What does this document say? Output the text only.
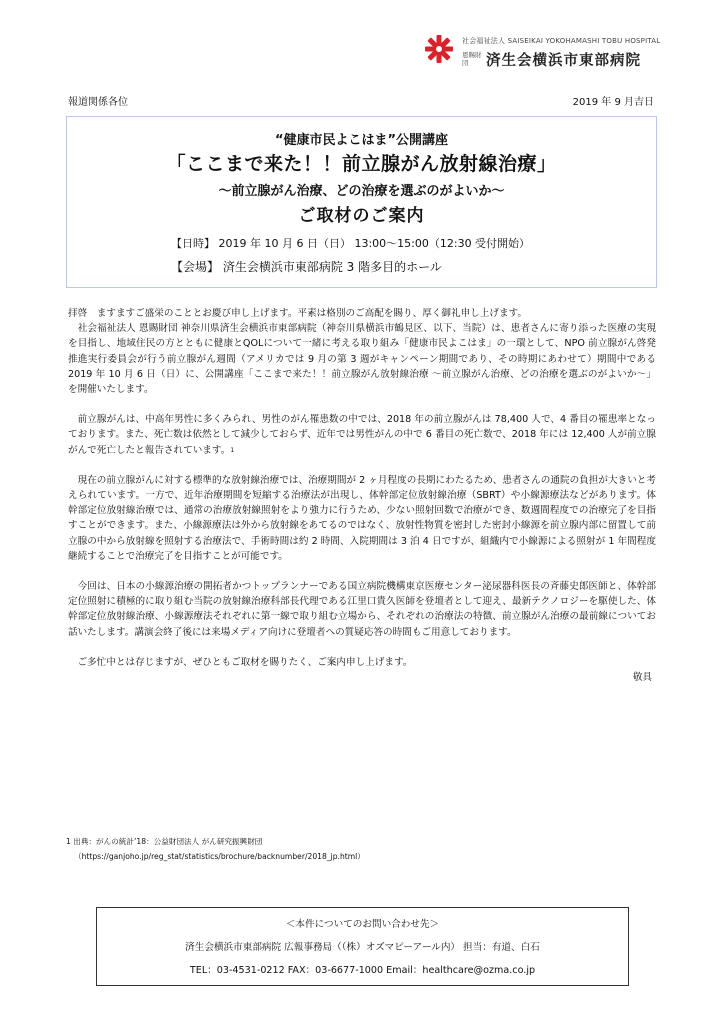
社会福祉法人 SAISEIKAI YOKOHAMASHI TOBU HOSPITAL
恩賜財団	済生会横浜市東部病院
報道関係各位	2019 年 9 月吉日
“健康市民よこはま”公開講座
「ここまで来た！！前立腺がん放射線治療」
～前立腺がん治療、どの治療を選ぶのがよいか～
ご取材のご案内
【日時】 2019 年 10 月 6 日（日） 13:00～15:00（12:30 受付開始）
【会場】 済生会横浜市東部病院 3 階多目的ホール

拝啓　ますますご盛栄のこととお慶び申し上げます。平素は格別のご高配を賜り、厚く御礼申し上げます。

　社会福祉法人 恩賜財団 神奈川県済生会横浜市東部病院（神奈川県横浜市鶴見区、以下、当院）は、患者さんに寄り添った医療の実現を目指し、地域住民の方とともに健康とQOLについて一緒に考える取り組み「健康市民よこはま」の一環として、NPO 前立腺がん啓発推進実行委員会が行う前立腺がん週間（アメリカでは 9 月の第 3 週がキャンペーン期間であり、その時期にあわせて）期間中である 2019 年 10 月 6 日（日）に、公開講座「ここまで来た！！前立腺がん放射線治療 ～前立腺がん治療、どの治療を選ぶのがよいか～」を開催いたします。

　前立腺がんは、中高年男性に多くみられ、男性のがん罹患数の中では、2018 年の前立腺がんは 78,400 人で、4 番目の罹患率となっております。また、死亡数は依然として減少しておらず、近年では男性がんの中で 6 番目の死亡数で、2018 年には 12,400 人が前立腺がんで死亡したと報告されています。$^1$

　現在の前立腺がんに対する標準的な放射線治療では、治療期間が 2 ヶ月程度の長期にわたるため、患者さんの通院の負担が大きいと考えられています。一方で、近年治療期間を短縮する治療法が出現し、体幹部定位放射線治療（SBRT）や小線源療法などがあります。体幹部定位放射線治療では、通常の治療放射線照射をより強力に行うため、少ない照射回数で治療ができ、数週間程度での治療完了を目指すことができます。また、小線源療法は外から放射線をあてるのではなく、放射性物質を密封した密封小線源を前立腺内部に留置して前立腺の中から放射線を照射する治療法で、手術時間は約 2 時間、入院期間は 3 泊 4 日ですが、組織内で小線源による照射が 1 年間程度継続することで治療完了を目指すことが可能です。

　今回は、日本の小線源治療の開拓者かつトップランナーである国立病院機構東京医療センター泌尿器科医長の斉藤史郎医師と、体幹部定位照射に積極的に取り組む当院の放射線治療科部長代理である江里口貴久医師を登壇者として迎え、最新テクノロジーを駆使した、体幹部定位放射線治療、小線源療法それぞれに第一線で取り組む立場から、それぞれの治療法の特徴、前立腺がん治療の最前線についてお話いたします。講演会終了後には来場メディア向けに登壇者への質疑応答の時間もご用意しております。

　ご多忙中とは存じますが、ぜひともご取材を賜りたく、ご案内申し上げます。

敬具

1 出典：がんの統計’18：公益財団法人 がん研究振興財団
（https://ganjoho.jp/reg_stat/statistics/brochure/backnumber/2018_jp.html）
＜本件についてのお問い合わせ先＞
済生会横浜市東部病院 広報事務局（（株）オズマピーアール内） 担当：有道、白石
TEL：03-4531-0212 FAX：03-6677-1000 Email：healthcare@ozma.co.jp
